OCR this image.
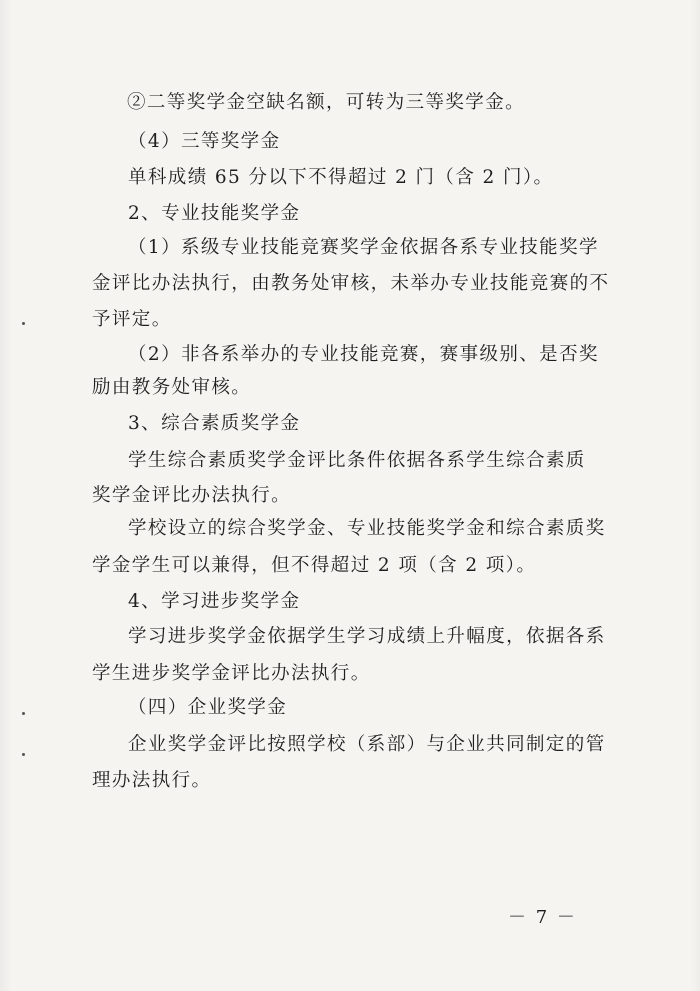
②二等奖学金空缺名额，可转为三等奖学金。

（4）三等奖学金

单科成绩 65 分以下不得超过 2 门（含 2 门）。

2、专业技能奖学金

（1）系级专业技能竞赛奖学金依据各系专业技能奖学

金评比办法执行，由教务处审核，未举办专业技能竞赛的不

予评定。

（2）非各系举办的专业技能竞赛，赛事级别、是否奖

励由教务处审核。

3、综合素质奖学金

学生综合素质奖学金评比条件依据各系学生综合素质

奖学金评比办法执行。

学校设立的综合奖学金、专业技能奖学金和综合素质奖

学金学生可以兼得，但不得超过 2 项（含 2 项）。

4、学习进步奖学金

学习进步奖学金依据学生学习成绩上升幅度，依据各系

学生进步奖学金评比办法执行。

（四）企业奖学金

企业奖学金评比按照学校（系部）与企业共同制定的管

理办法执行。

－ 7 －
